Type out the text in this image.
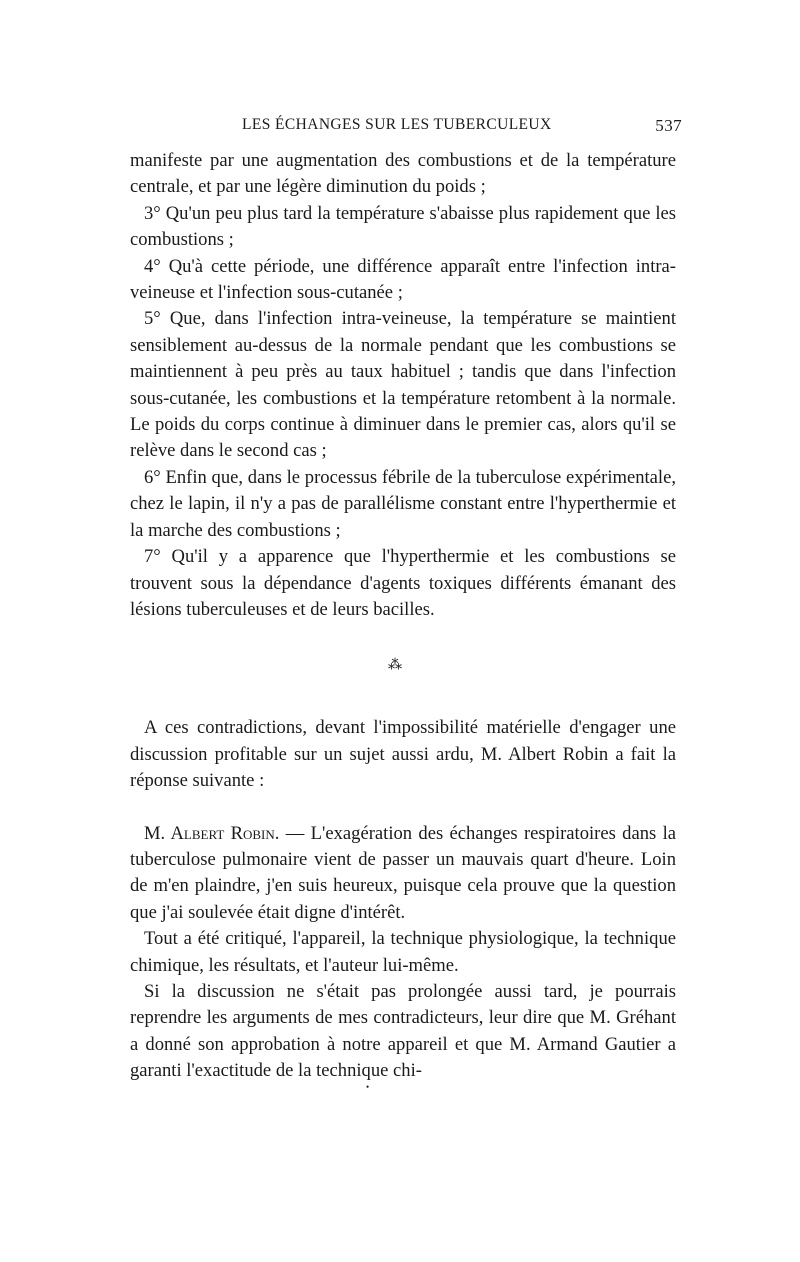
LES ÉCHANGES SUR LES TUBERCULEUX	537

manifeste par une augmentation des combustions et de la température centrale, et par une légère diminution du poids ;

3° Qu'un peu plus tard la température s'abaisse plus rapidement que les combustions ;

4° Qu'à cette période, une différence apparaît entre l'infection intra-veineuse et l'infection sous-cutanée ;

5° Que, dans l'infection intra-veineuse, la température se maintient sensiblement au-dessus de la normale pendant que les combustions se maintiennent à peu près au taux habituel ; tandis que dans l'infection sous-cutanée, les combustions et la température retombent à la normale. Le poids du corps continue à diminuer dans le premier cas, alors qu'il se relève dans le second cas ;

6° Enfin que, dans le processus fébrile de la tuberculose expérimentale, chez le lapin, il n'y a pas de parallélisme constant entre l'hyperthermie et la marche des combustions ;

7° Qu'il y a apparence que l'hyperthermie et les combustions se trouvent sous la dépendance d'agents toxiques différents émanant des lésions tuberculeuses et de leurs bacilles.

⁂

A ces contradictions, devant l'impossibilité matérielle d'engager une discussion profitable sur un sujet aussi ardu, M. Albert Robin a fait la réponse suivante :

M. Albert Robin. — L'exagération des échanges respiratoires dans la tuberculose pulmonaire vient de passer un mauvais quart d'heure. Loin de m'en plaindre, j'en suis heureux, puisque cela prouve que la question que j'ai soulevée était digne d'intérêt.

Tout a été critiqué, l'appareil, la technique physiologique, la technique chimique, les résultats, et l'auteur lui-même.

Si la discussion ne s'était pas prolongée aussi tard, je pourrais reprendre les arguments de mes contradicteurs, leur dire que M. Gréhant a donné son approbation à notre appareil et que M. Armand Gautier a garanti l'exactitude de la technique chi-

•
